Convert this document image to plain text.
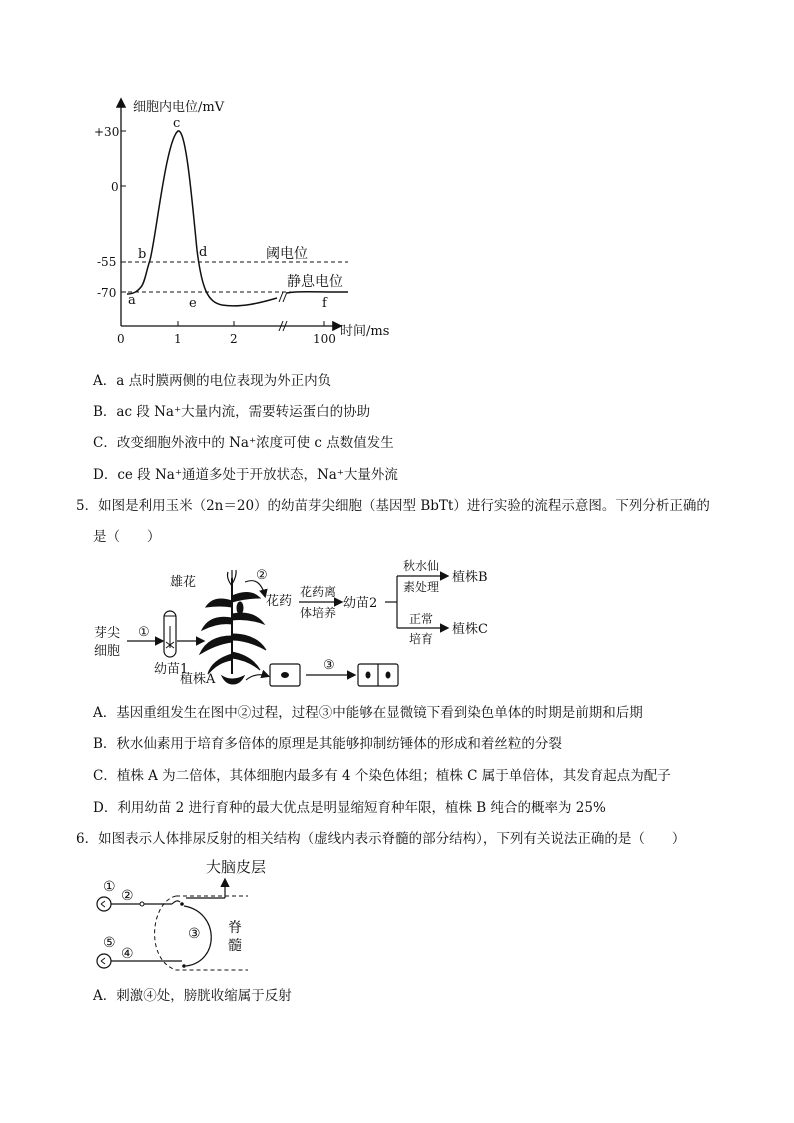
细胞内电位/mV
时间/ms
+30
0
-55
-70
0	1	2	100
a
b
c
d
e	f
阈电位
静息电位
A．a 点时膜两侧的电位表现为外正内负
B．ac 段 Na⁺大量内流，需要转运蛋白的协助
C．改变细胞外液中的 Na⁺浓度可使 c 点数值发生
D．ce 段 Na⁺通道多处于开放状态，Na⁺大量外流
5．如图是利用玉米（2n＝20）的幼苗芽尖细胞（基因型 BbTt）进行实验的流程示意图。下列分析正确的
是（　　）
芽尖
细胞
①
幼苗1
雄花	②
花药
花药离
体培养
幼苗2
秋水仙
素处理
植株B
正常
培育
植株C
植株A
③
A．基因重组发生在图中②过程，过程③中能够在显微镜下看到染色单体的时期是前期和后期
B．秋水仙素用于培育多倍体的原理是其能够抑制纺锤体的形成和着丝粒的分裂
C．植株 A 为二倍体，其体细胞内最多有 4 个染色体组；植株 C 属于单倍体，其发育起点为配子
D．利用幼苗 2 进行育种的最大优点是明显缩短育种年限，植株 B 纯合的概率为 25%
6．如图表示人体排尿反射的相关结构（虚线内表示脊髓的部分结构），下列有关说法正确的是（　　）
大脑皮层
①
②
③
⑤
④
脊
髓
A．刺激④处，膀胱收缩属于反射
